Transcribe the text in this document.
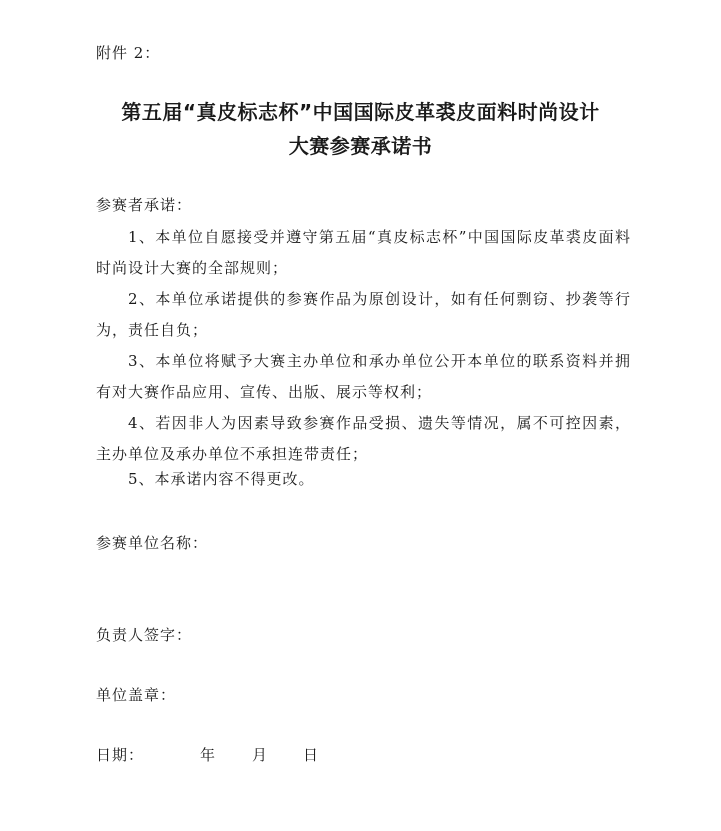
附件 2：
第五届“真皮标志杯”中国国际皮革裘皮面料时尚设计
大赛参赛承诺书
参赛者承诺：
1、本单位自愿接受并遵守第五届“真皮标志杯”中国国际皮革裘皮面料时尚设计大赛的全部规则；
2、本单位承诺提供的参赛作品为原创设计，如有任何剽窃、抄袭等行为，责任自负；
3、本单位将赋予大赛主办单位和承办单位公开本单位的联系资料并拥有对大赛作品应用、宣传、出版、展示等权利；
4、若因非人为因素导致参赛作品受损、遗失等情况，属不可控因素，主办单位及承办单位不承担连带责任；
5、本承诺内容不得更改。
参赛单位名称：
负责人签字：
单位盖章：
日期：	年 月 日
